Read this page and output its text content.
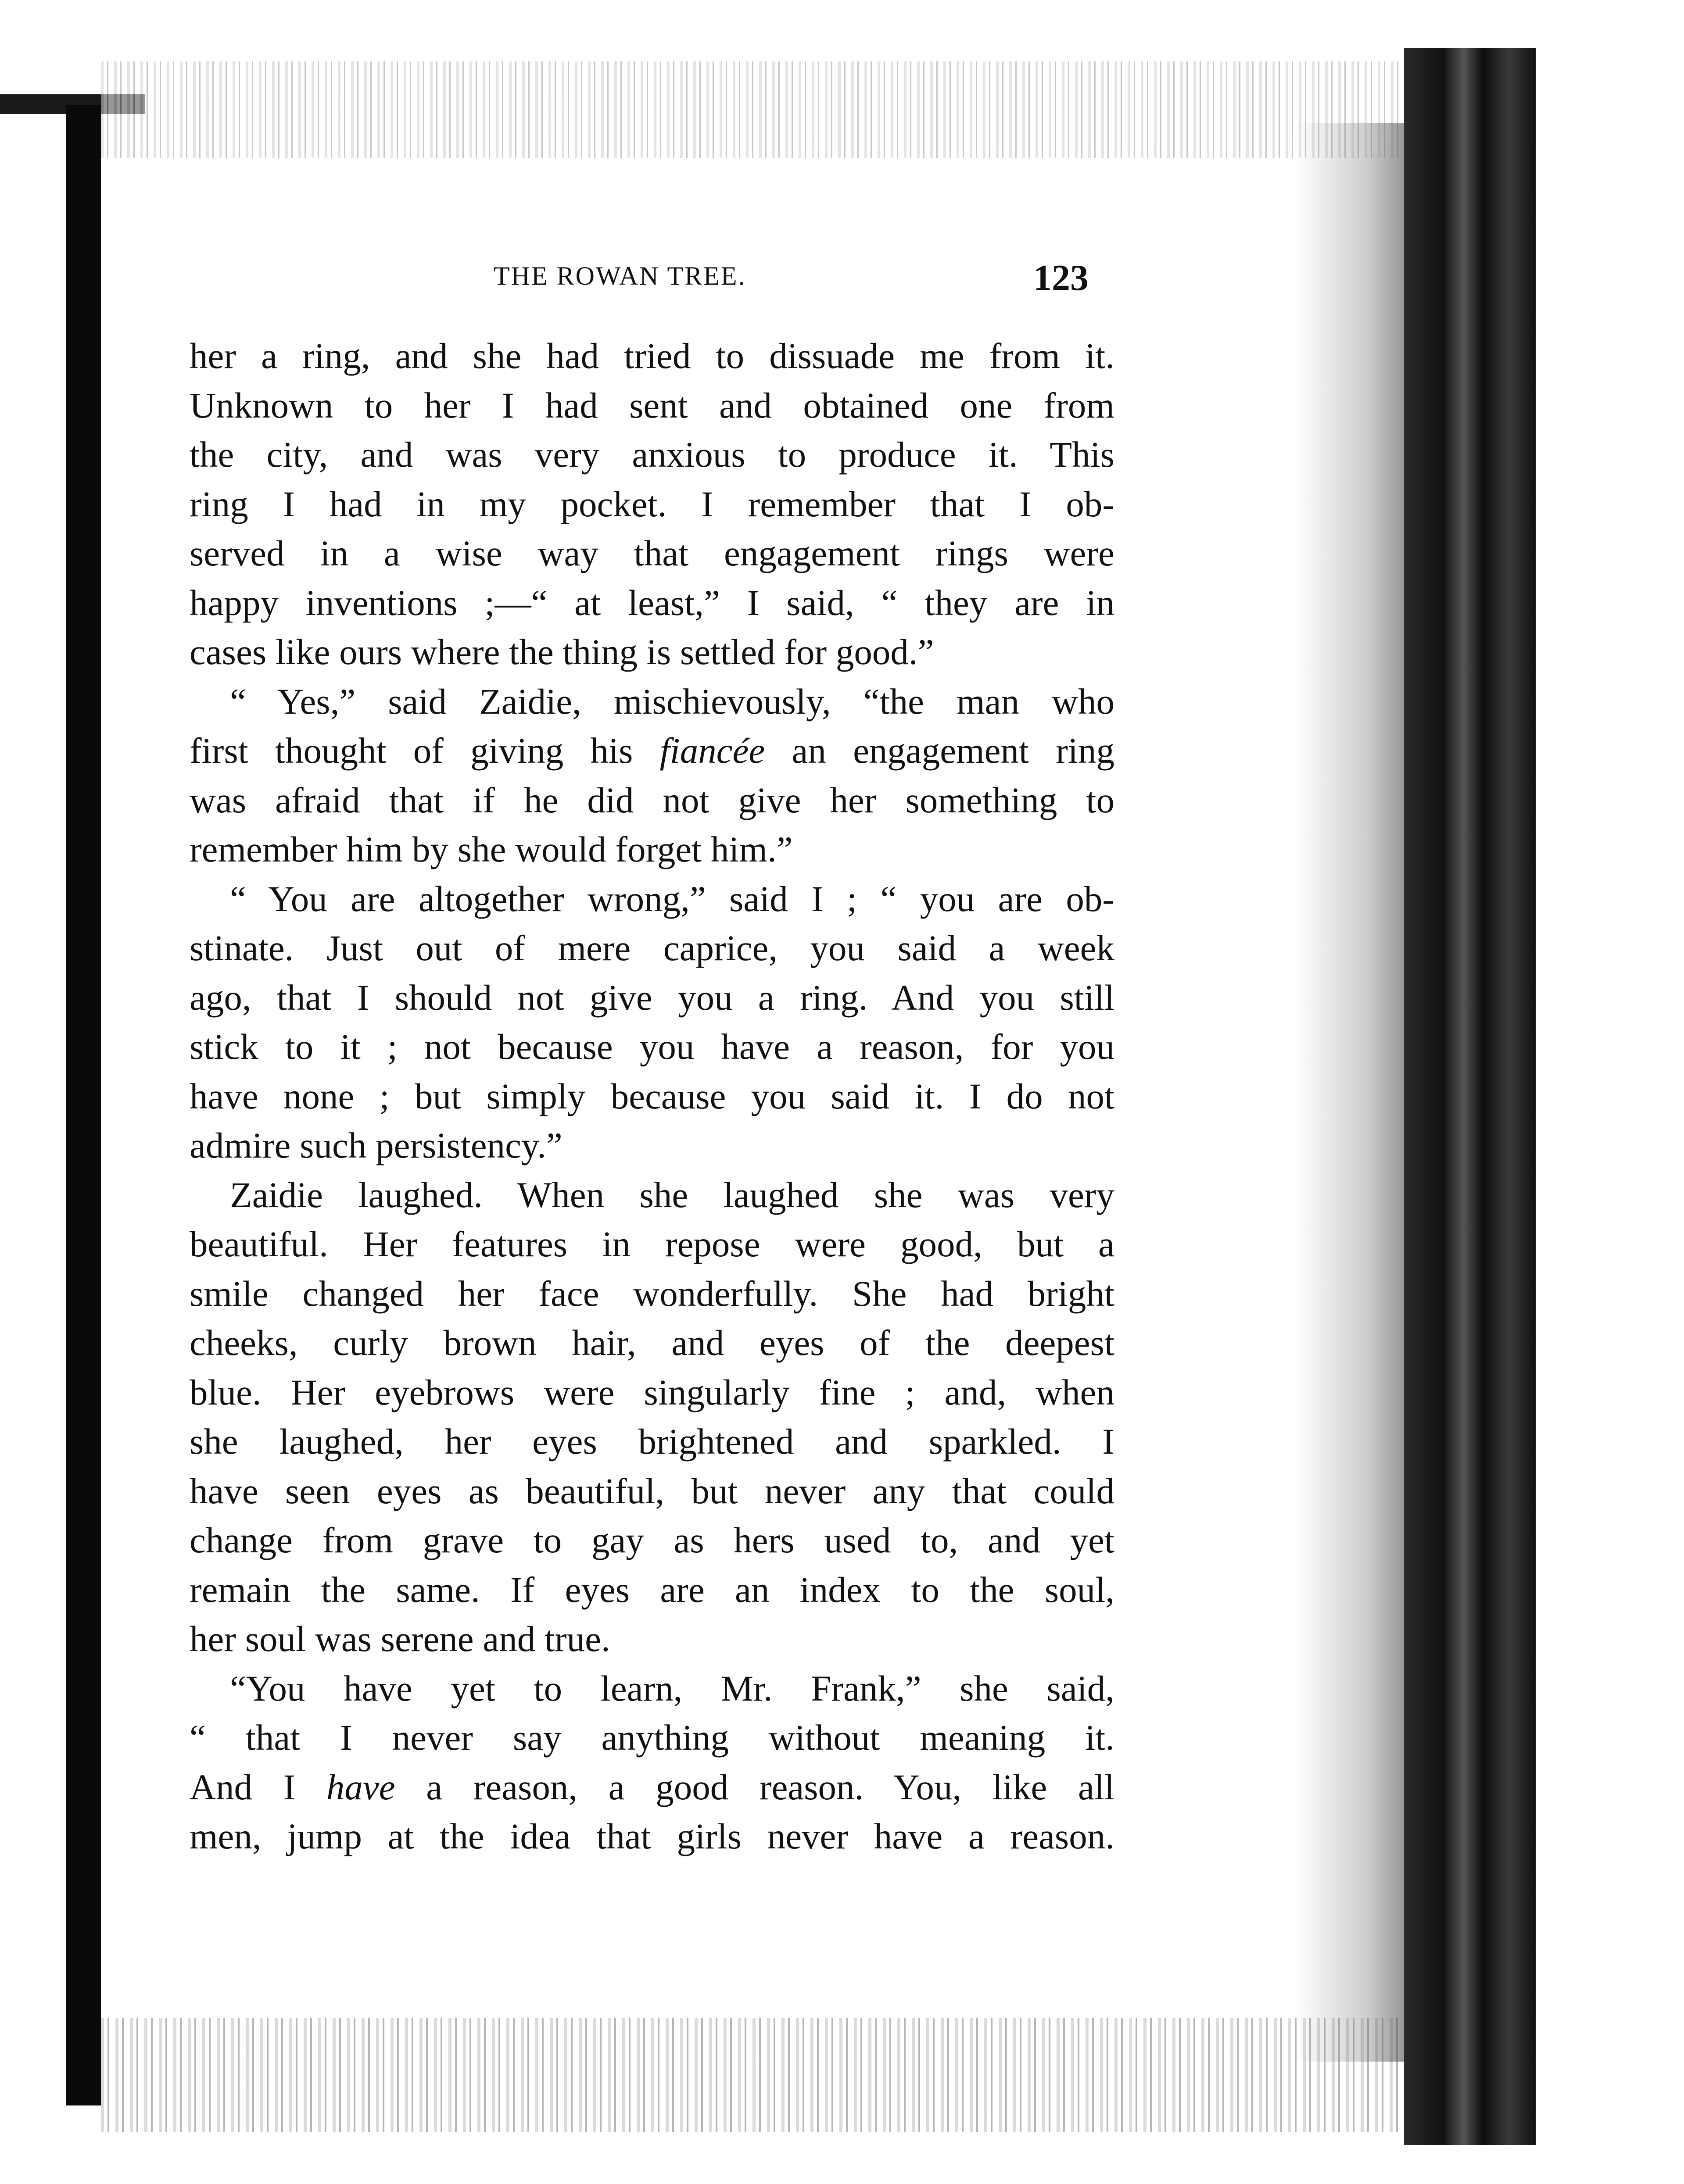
THE ROWAN TREE.	123
her a ring, and she had tried to dissuade me from it.
Unknown to her I had sent and obtained one from
the city, and was very anxious to produce it. This
ring I had in my pocket. I remember that I ob-
served in a wise way that engagement rings were
happy inventions ;—“ at least,” I said, “ they are in
cases like ours where the thing is settled for good.”
“ Yes,” said Zaidie, mischievously, “the man who
first thought of giving his fiancée an engagement ring
was afraid that if he did not give her something to
remember him by she would forget him.”
“ You are altogether wrong,” said I ; “ you are ob-
stinate. Just out of mere caprice, you said a week
ago, that I should not give you a ring. And you still
stick to it ; not because you have a reason, for you
have none ; but simply because you said it. I do not
admire such persistency.”
Zaidie laughed. When she laughed she was very
beautiful. Her features in repose were good, but a
smile changed her face wonderfully. She had bright
cheeks, curly brown hair, and eyes of the deepest
blue. Her eyebrows were singularly fine ; and, when
she laughed, her eyes brightened and sparkled. I
have seen eyes as beautiful, but never any that could
change from grave to gay as hers used to, and yet
remain the same. If eyes are an index to the soul,
her soul was serene and true.
“You have yet to learn, Mr. Frank,” she said,
“ that I never say anything without meaning it.
And I have a reason, a good reason. You, like all
men, jump at the idea that girls never have a reason.
